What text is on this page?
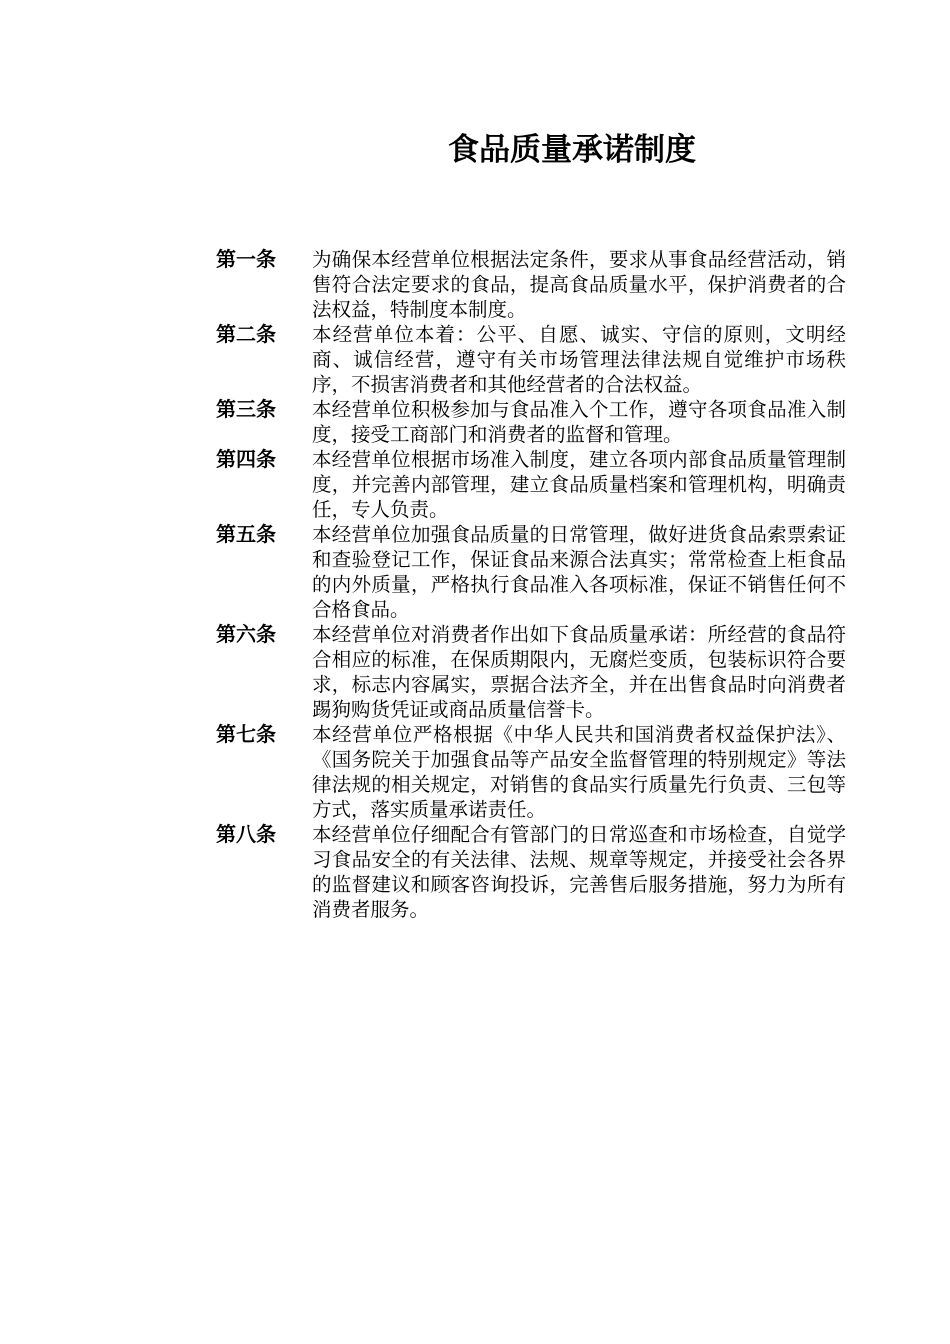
食品质量承诺制度
第一条 为确保本经营单位根据法定条件，要求从事食品经营活动，销售符合法定要求的食品，提高食品质量水平，保护消费者的合法权益，特制度本制度。
第二条 本经营单位本着：公平、自愿、诚实、守信的原则，文明经商、诚信经营，遵守有关市场管理法律法规自觉维护市场秩序，不损害消费者和其他经营者的合法权益。
第三条 本经营单位积极参加与食品准入个工作，遵守各项食品准入制度，接受工商部门和消费者的监督和管理。
第四条 本经营单位根据市场准入制度，建立各项内部食品质量管理制度，并完善内部管理，建立食品质量档案和管理机构，明确责任，专人负责。
第五条 本经营单位加强食品质量的日常管理，做好进货食品索票索证和查验登记工作，保证食品来源合法真实；常常检查上柜食品的内外质量，严格执行食品准入各项标准，保证不销售任何不合格食品。
第六条 本经营单位对消费者作出如下食品质量承诺：所经营的食品符合相应的标准，在保质期限内，无腐烂变质，包装标识符合要求，标志内容属实，票据合法齐全，并在出售食品时向消费者踢狗购货凭证或商品质量信誉卡。
第七条 本经营单位严格根据《中华人民共和国消费者权益保护法》、《国务院关于加强食品等产品安全监督管理的特别规定》等法律法规的相关规定，对销售的食品实行质量先行负责、三包等方式，落实质量承诺责任。
第八条 本经营单位仔细配合有管部门的日常巡查和市场检查，自觉学习食品安全的有关法律、法规、规章等规定，并接受社会各界的监督建议和顾客咨询投诉，完善售后服务措施，努力为所有消费者服务。
